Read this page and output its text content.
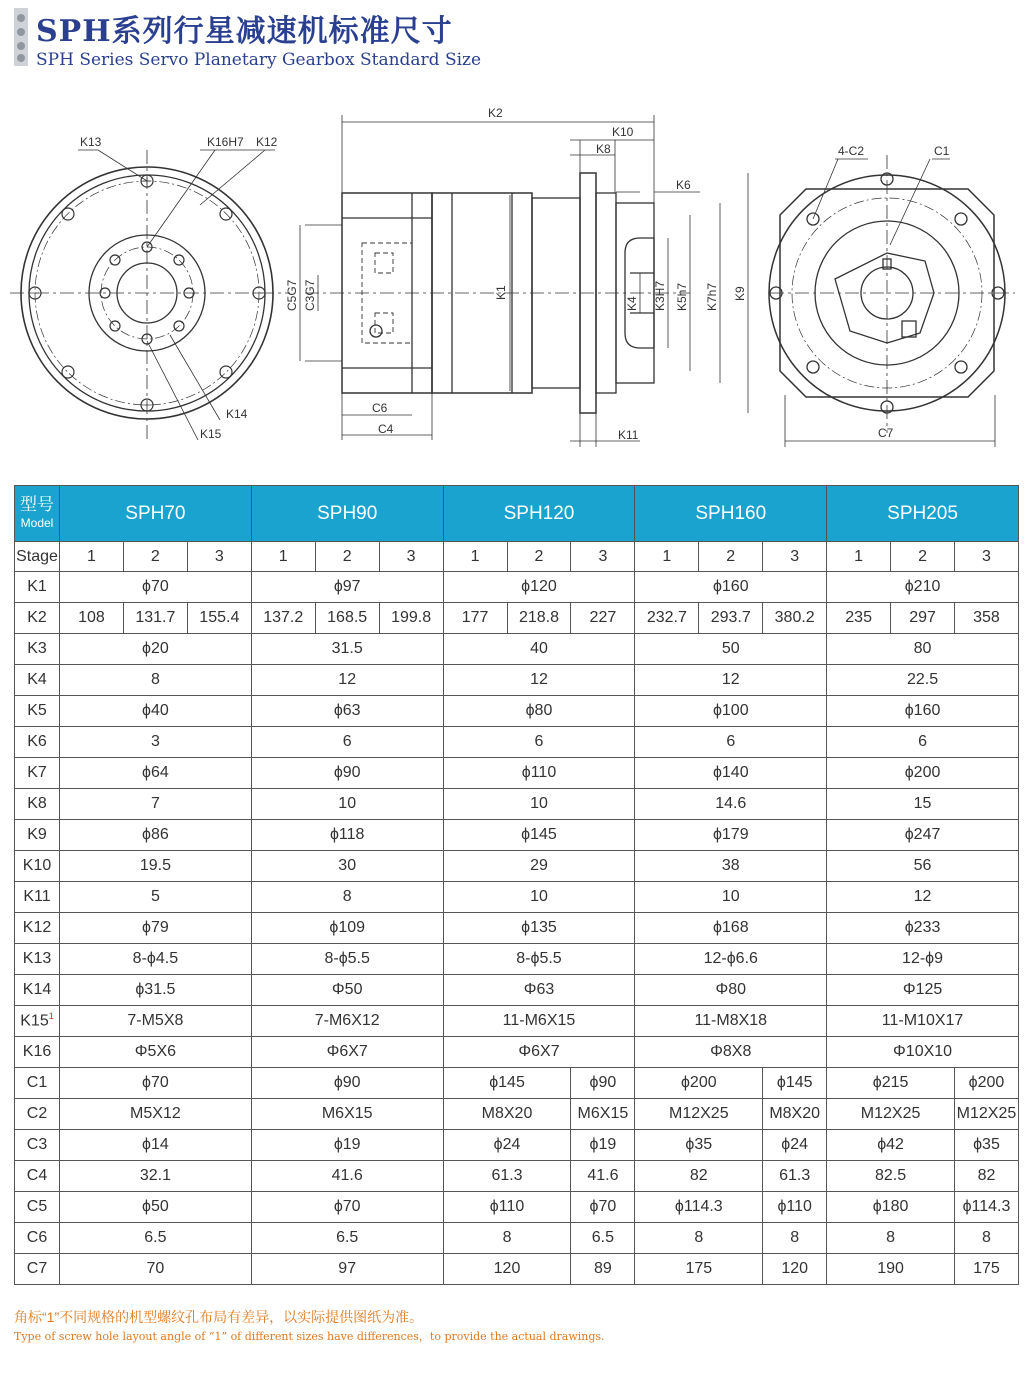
SPH系列行星减速机标准尺寸
SPH Series Servo Planetary Gearbox Standard Size
K13	K16H7 K12
K14
K15
K2
K10
K8
K6
K1	K3H7 K5h7 K7h7 K9
K4
C5G7 C3G7
C6
C4	K11
4-C2	C1
C7
型号
Model	SPH70			SPH90			SPH120			SPH160			SPH205		
Stage	1	2	3	1	2	3	1	2	3	1	2	3	1	2	3
K1	ϕ70			ϕ97			ϕ120			ϕ160			ϕ210		
K2	108	131.7	155.4	137.2	168.5	199.8	177	218.8	227	232.7	293.7	380.2	235	297	358
K3	ϕ20			31.5			40			50			80		
K4	8			12			12			12			22.5		
K5	ϕ40			ϕ63			ϕ80			ϕ100			ϕ160		
K6	3			6			6			6			6		
K7	ϕ64			ϕ90			ϕ110			ϕ140			ϕ200		
K8	7			10			10			14.6			15		
K9	ϕ86			ϕ118			ϕ145			ϕ179			ϕ247		
K10	19.5			30			29			38			56		
K11	5			8			10			10			12		
K12	ϕ79			ϕ109			ϕ135			ϕ168			ϕ233		
K13	8-ϕ4.5			8-ϕ5.5			8-ϕ5.5			12-ϕ6.6			12-ϕ9		
K14	ϕ31.5			Φ50			Φ63			Φ80			Φ125		
$K15^1$	7-M5X8			7-M6X12			11-M6X15			11-M8X18			11-M10X17		
K16	Φ5X6			Φ6X7			Φ6X7			Φ8X8			Φ10X10		
C1	ϕ70			ϕ90			ϕ145		ϕ90	ϕ200		ϕ145	ϕ215		ϕ200
C2	M5X12			M6X15			M8X20		M6X15	M12X25		M8X20	M12X25		M12X25
C3	ϕ14			ϕ19			ϕ24		ϕ19	ϕ35		ϕ24	ϕ42		ϕ35
C4	32.1			41.6			61.3		41.6	82		61.3	82.5		82
C5	ϕ50			ϕ70			ϕ110		ϕ70	ϕ114.3		ϕ110	ϕ180		ϕ114.3
C6	6.5			6.5			8		6.5	8		8	8		8
C7	70			97			120		89	175		120	190		175
角标“1”不同规格的机型螺纹孔布局有差异，以实际提供图纸为准。
Type of screw hole layout angle of “1” of different sizes have differences，to provide the actual drawings.
